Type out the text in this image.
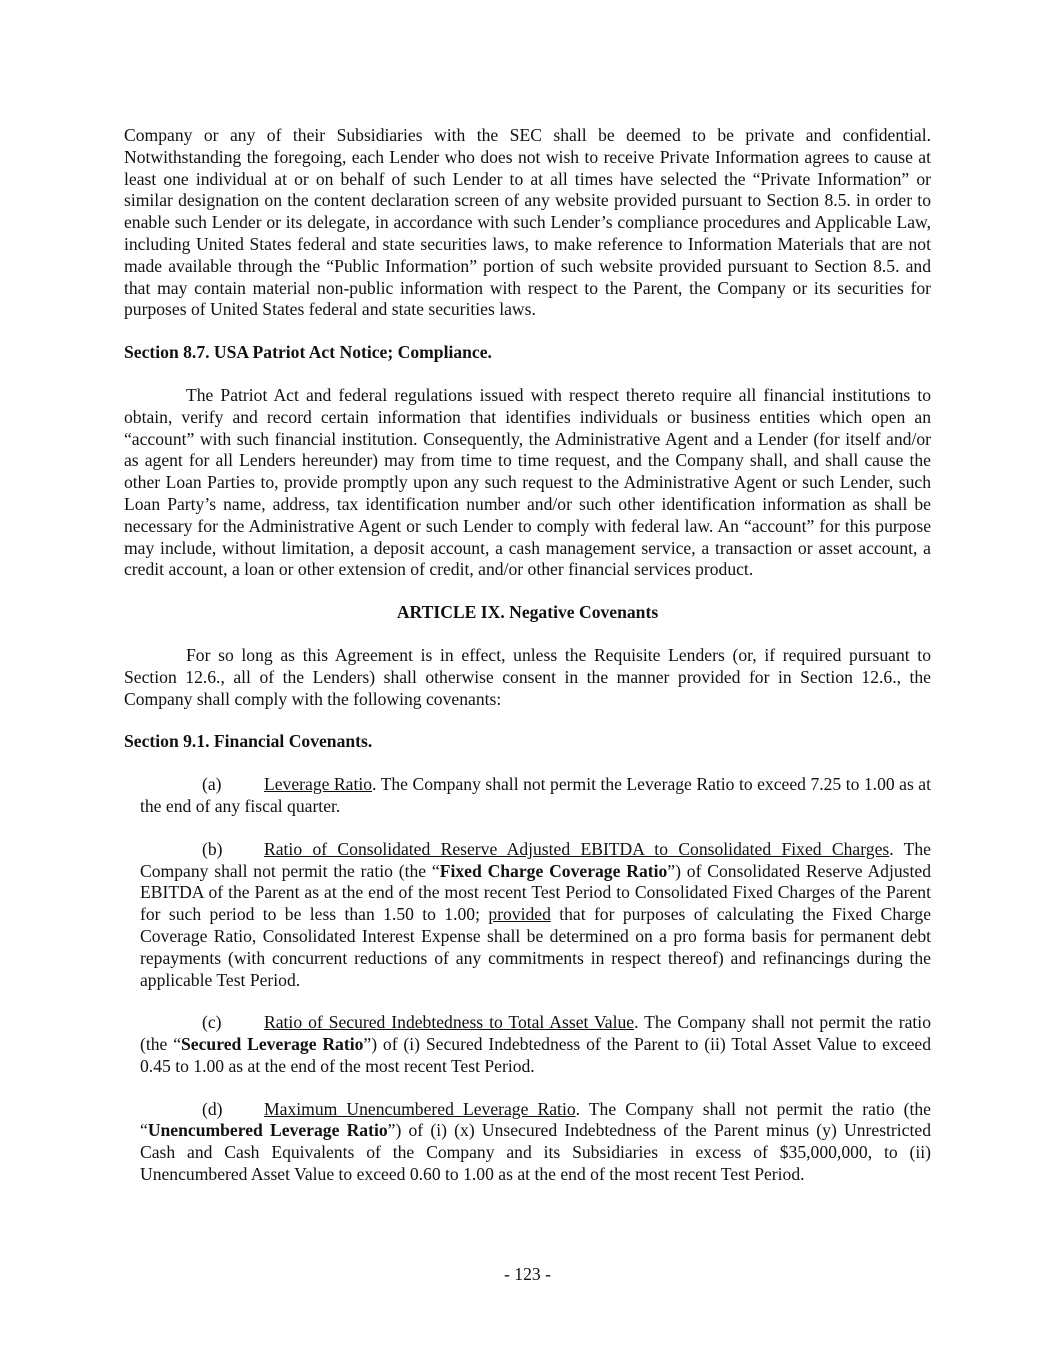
Company or any of their Subsidiaries with the SEC shall be deemed to be private and confidential. Notwithstanding the foregoing, each Lender who does not wish to receive Private Information agrees to cause at least one individual at or on behalf of such Lender to at all times have selected the “Private Information” or similar designation on the content declaration screen of any website provided pursuant to Section 8.5. in order to enable such Lender or its delegate, in accordance with such Lender’s compliance procedures and Applicable Law, including United States federal and state securities laws, to make reference to Information Materials that are not made available through the “Public Information” portion of such website provided pursuant to Section 8.5. and that may contain material non-public information with respect to the Parent, the Company or its securities for purposes of United States federal and state securities laws.

Section 8.7. USA Patriot Act Notice; Compliance.

The Patriot Act and federal regulations issued with respect thereto require all financial institutions to obtain, verify and record certain information that identifies individuals or business entities which open an “account” with such financial institution. Consequently, the Administrative Agent and a Lender (for itself and/or as agent for all Lenders hereunder) may from time to time request, and the Company shall, and shall cause the other Loan Parties to, provide promptly upon any such request to the Administrative Agent or such Lender, such Loan Party’s name, address, tax identification number and/or such other identification information as shall be necessary for the Administrative Agent or such Lender to comply with federal law. An “account” for this purpose may include, without limitation, a deposit account, a cash management service, a transaction or asset account, a credit account, a loan or other extension of credit, and/or other financial services product.

ARTICLE IX. Negative Covenants

For so long as this Agreement is in effect, unless the Requisite Lenders (or, if required pursuant to Section 12.6., all of the Lenders) shall otherwise consent in the manner provided for in Section 12.6., the Company shall comply with the following covenants:

Section 9.1. Financial Covenants.

(a) Leverage Ratio. The Company shall not permit the Leverage Ratio to exceed 7.25 to 1.00 as at the end of any fiscal quarter.

(b) Ratio of Consolidated Reserve Adjusted EBITDA to Consolidated Fixed Charges. The Company shall not permit the ratio (the “Fixed Charge Coverage Ratio”) of Consolidated Reserve Adjusted EBITDA of the Parent as at the end of the most recent Test Period to Consolidated Fixed Charges of the Parent for such period to be less than 1.50 to 1.00; provided that for purposes of calculating the Fixed Charge Coverage Ratio, Consolidated Interest Expense shall be determined on a pro forma basis for permanent debt repayments (with concurrent reductions of any commitments in respect thereof) and refinancings during the applicable Test Period.

(c) Ratio of Secured Indebtedness to Total Asset Value. The Company shall not permit the ratio (the “Secured Leverage Ratio”) of (i) Secured Indebtedness of the Parent to (ii) Total Asset Value to exceed 0.45 to 1.00 as at the end of the most recent Test Period.

(d) Maximum Unencumbered Leverage Ratio. The Company shall not permit the ratio (the “Unencumbered Leverage Ratio”) of (i) (x) Unsecured Indebtedness of the Parent minus (y) Unrestricted Cash and Cash Equivalents of the Company and its Subsidiaries in excess of $35,000,000, to (ii) Unencumbered Asset Value to exceed 0.60 to 1.00 as at the end of the most recent Test Period.

- 123 -
